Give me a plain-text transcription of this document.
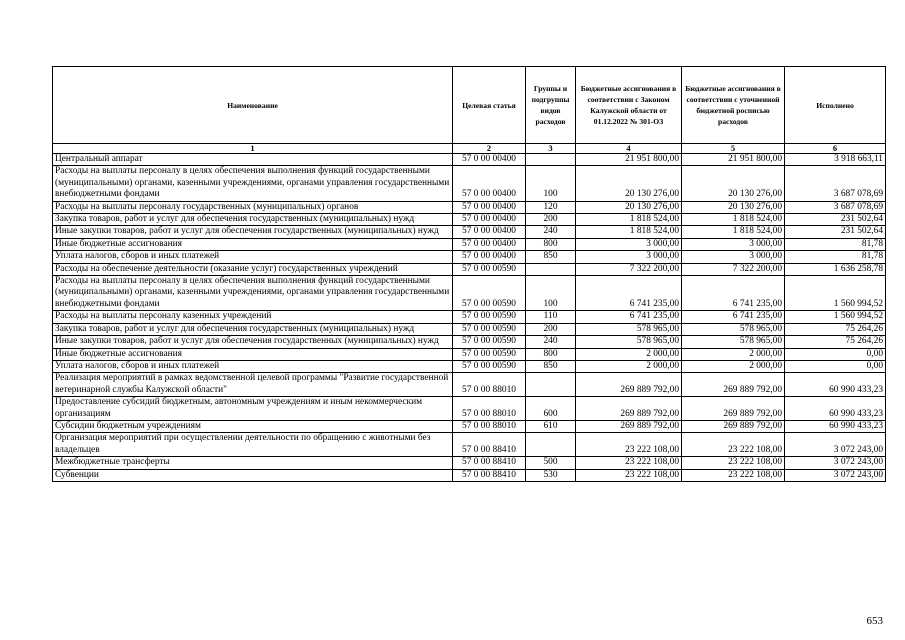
Наименование	Целевая статья	Группы и подгруппы видов расходов	Бюджетные ассигнования в соответствии с Законом Калужской области от 01.12.2022 № 301-ОЗ	Бюджетные ассигнования в соответствии с уточненной бюджетной росписью расходов	Исполнено
1	2	3	4	5	6
Центральный аппарат	57 0 00 00400		21 951 800,00	21 951 800,00	3 918 663,11
Расходы на выплаты персоналу в целях обеспечения выполнения функций государственными (муниципальными) органами, казенными учреждениями, органами управления государственными внебюджетными фондами	57 0 00 00400	100	20 130 276,00	20 130 276,00	3 687 078,69
Расходы на выплаты персоналу государственных (муниципальных) органов	57 0 00 00400	120	20 130 276,00	20 130 276,00	3 687 078,69
Закупка товаров, работ и услуг для обеспечения государственных (муниципальных) нужд	57 0 00 00400	200	1 818 524,00	1 818 524,00	231 502,64
Иные закупки товаров, работ и услуг для обеспечения государственных (муниципальных) нужд	57 0 00 00400	240	1 818 524,00	1 818 524,00	231 502,64
Иные бюджетные ассигнования	57 0 00 00400	800	3 000,00	3 000,00	81,78
Уплата налогов, сборов и иных платежей	57 0 00 00400	850	3 000,00	3 000,00	81,78
Расходы на обеспечение деятельности (оказание услуг) государственных учреждений	57 0 00 00590		7 322 200,00	7 322 200,00	1 636 258,78
Расходы на выплаты персоналу в целях обеспечения выполнения функций государственными (муниципальными) органами, казенными учреждениями, органами управления государственными внебюджетными фондами	57 0 00 00590	100	6 741 235,00	6 741 235,00	1 560 994,52
Расходы на выплаты персоналу казенных учреждений	57 0 00 00590	110	6 741 235,00	6 741 235,00	1 560 994,52
Закупка товаров, работ и услуг для обеспечения государственных (муниципальных) нужд	57 0 00 00590	200	578 965,00	578 965,00	75 264,26
Иные закупки товаров, работ и услуг для обеспечения государственных (муниципальных) нужд	57 0 00 00590	240	578 965,00	578 965,00	75 264,26
Иные бюджетные ассигнования	57 0 00 00590	800	2 000,00	2 000,00	0,00
Уплата налогов, сборов и иных платежей	57 0 00 00590	850	2 000,00	2 000,00	0,00
Реализация мероприятий в рамках ведомственной целевой программы "Развитие государственной ветеринарной службы Калужской области"	57 0 00 88010		269 889 792,00	269 889 792,00	60 990 433,23
Предоставление субсидий бюджетным, автономным учреждениям и иным некоммерческим организациям	57 0 00 88010	600	269 889 792,00	269 889 792,00	60 990 433,23
Субсидии бюджетным учреждениям	57 0 00 88010	610	269 889 792,00	269 889 792,00	60 990 433,23
Организация мероприятий при осуществлении деятельности по обращению с животными без владельцев	57 0 00 88410		23 222 108,00	23 222 108,00	3 072 243,00
Межбюджетные трансферты	57 0 00 88410	500	23 222 108,00	23 222 108,00	3 072 243,00
Субвенции	57 0 00 88410	530	23 222 108,00	23 222 108,00	3 072 243,00
653
